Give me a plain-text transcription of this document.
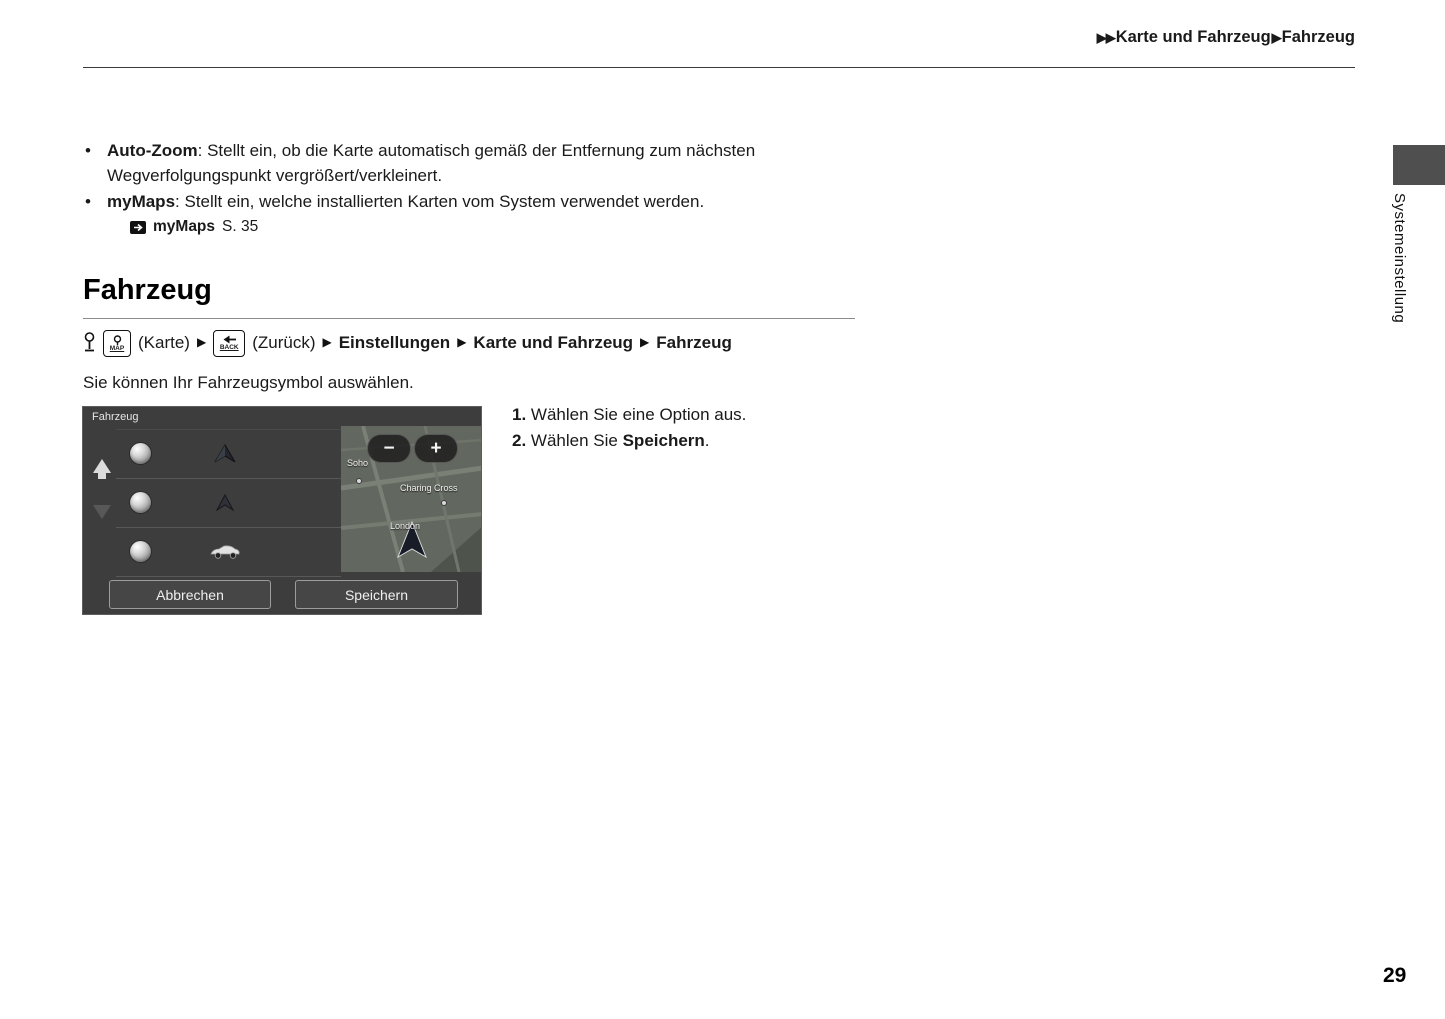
▶▶ Karte und Fahrzeug ▶ Fahrzeug
Systemeinstellung
• Auto-Zoom: Stellt ein, ob die Karte automatisch gemäß der Entfernung zum nächsten Wegverfolgungspunkt vergrößert/verkleinert.
• myMaps: Stellt ein, welche installierten Karten vom System verwendet werden.
myMaps S. 35
Fahrzeug
MAP (Karte) ▶ BACK (Zurück) ▶ Einstellungen ▶ Karte und Fahrzeug ▶ Fahrzeug
Sie können Ihr Fahrzeugsymbol auswählen.
Fahrzeug
Soho
Charing Cross
London
−	+
Abbrechen	Speichern
1. Wählen Sie eine Option aus.
2. Wählen Sie Speichern.
29
